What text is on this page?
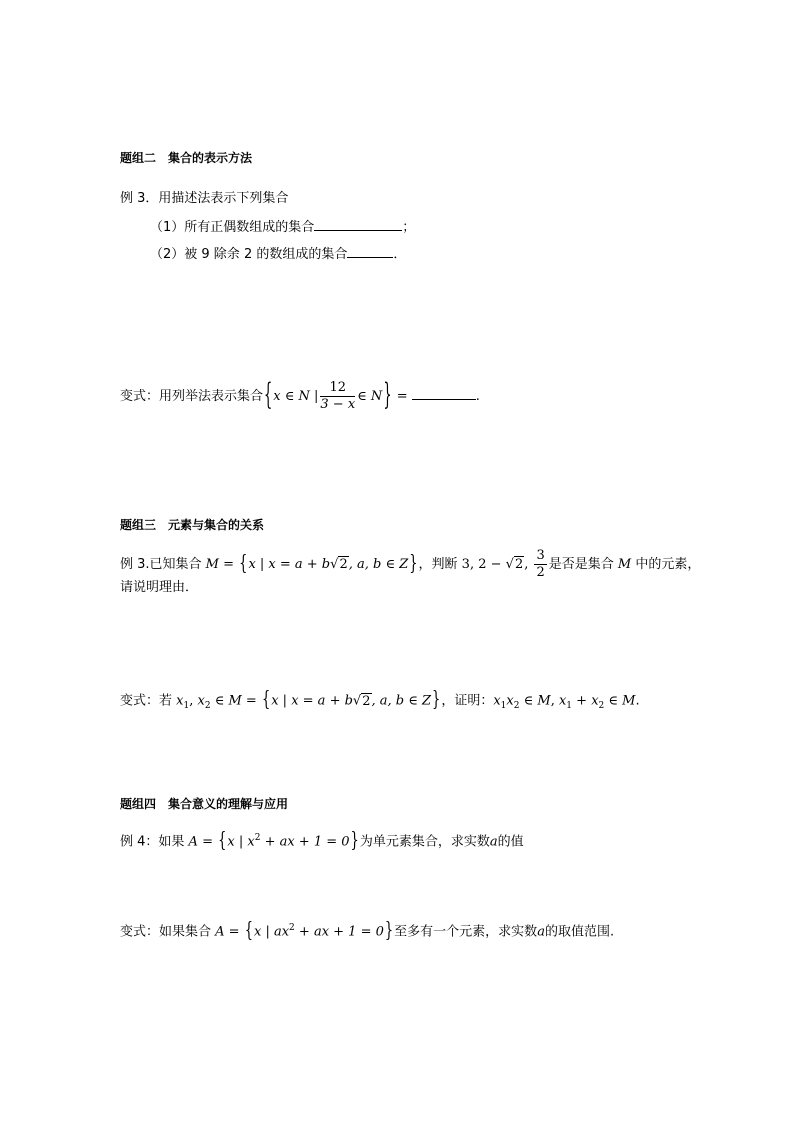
题组二　集合的表示方法
例 3．用描述法表示下列集合
（1）所有正偶数组成的集合	；
（2）被 9 除余 2 的数组成的集合	．
变式：用列举法表示集合{x ∈ N | $\frac{12}{3 - x}$ ∈ N} =	.
题组三　元素与集合的关系
例 3.已知集合 M = {x | x = a + b√2, a, b ∈ Z}，判断 3, 2 − √2, $\frac{3}{2}$ 是否是集合 M 中的元素，
请说明理由．
变式：若 $x_1$, $x_2$ ∈ M = {x | x = a + b√2, a, b ∈ Z}，证明：$x_1x_2$ ∈ M, $x_1 + x_2$ ∈ M.
题组四　集合意义的理解与应用
例 4：如果 A = {x | $x^2$ + ax + 1 = 0}为单元素集合，求实数a的值
变式：如果集合 A = {x | $ax^2$ + ax + 1 = 0}至多有一个元素，求实数a的取值范围.
